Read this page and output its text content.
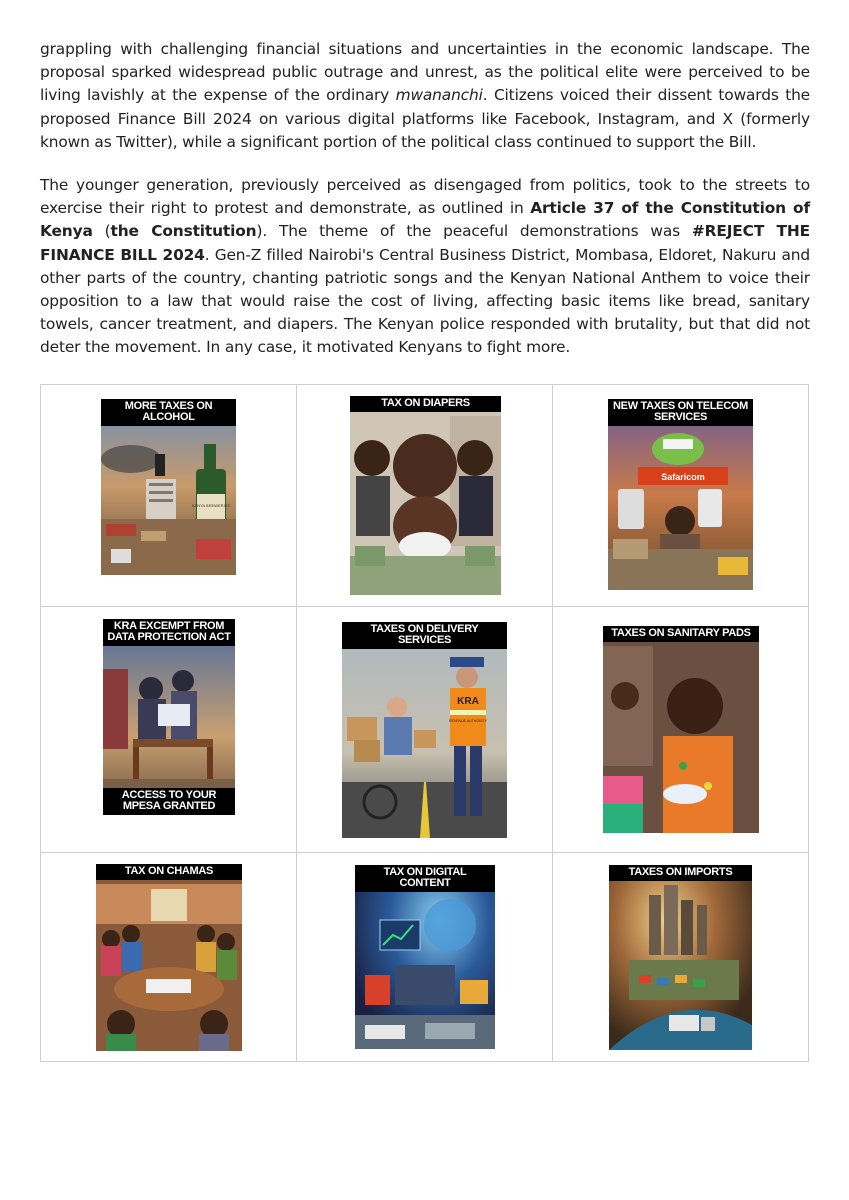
grappling with challenging financial situations and uncertainties in the economic landscape. The proposal sparked widespread public outrage and unrest, as the political elite were perceived to be living lavishly at the expense of the ordinary mwananchi. Citizens voiced their dissent towards the proposed Finance Bill 2024 on various digital platforms like Facebook, Instagram, and X (formerly known as Twitter), while a significant portion of the political class continued to support the Bill.
The younger generation, previously perceived as disengaged from politics, took to the streets to exercise their right to protest and demonstrate, as outlined in Article 37 of the Constitution of Kenya (the Constitution). The theme of the peaceful demonstrations was #REJECT THE FINANCE BILL 2024. Gen-Z filled Nairobi's Central Business District, Mombasa, Eldoret, Nakuru and other parts of the country, chanting patriotic songs and the Kenyan National Anthem to voice their opposition to a law that would raise the cost of living, affecting basic items like bread, sanitary towels, cancer treatment, and diapers. The Kenyan police responded with brutality, but that did not deter the movement. In any case, it motivated Kenyans to fight more.
KENYA BREWERIES
MORE TAXES ON ALCOHOL
TAX ON DIAPERS
Safaricom
NEW TAXES ON TELECOM SERVICES
KRA EXCEMPT FROM DATA PROTECTION ACT
ACCESS TO YOUR MPESA GRANTED
KRA
REVENUE AUTHORITY
TAXES ON DELIVERY SERVICES
TAXES ON SANITARY PADS
TAX ON CHAMAS	TAX ON DIGITAL CONTENT
TAXES ON IMPORTS
